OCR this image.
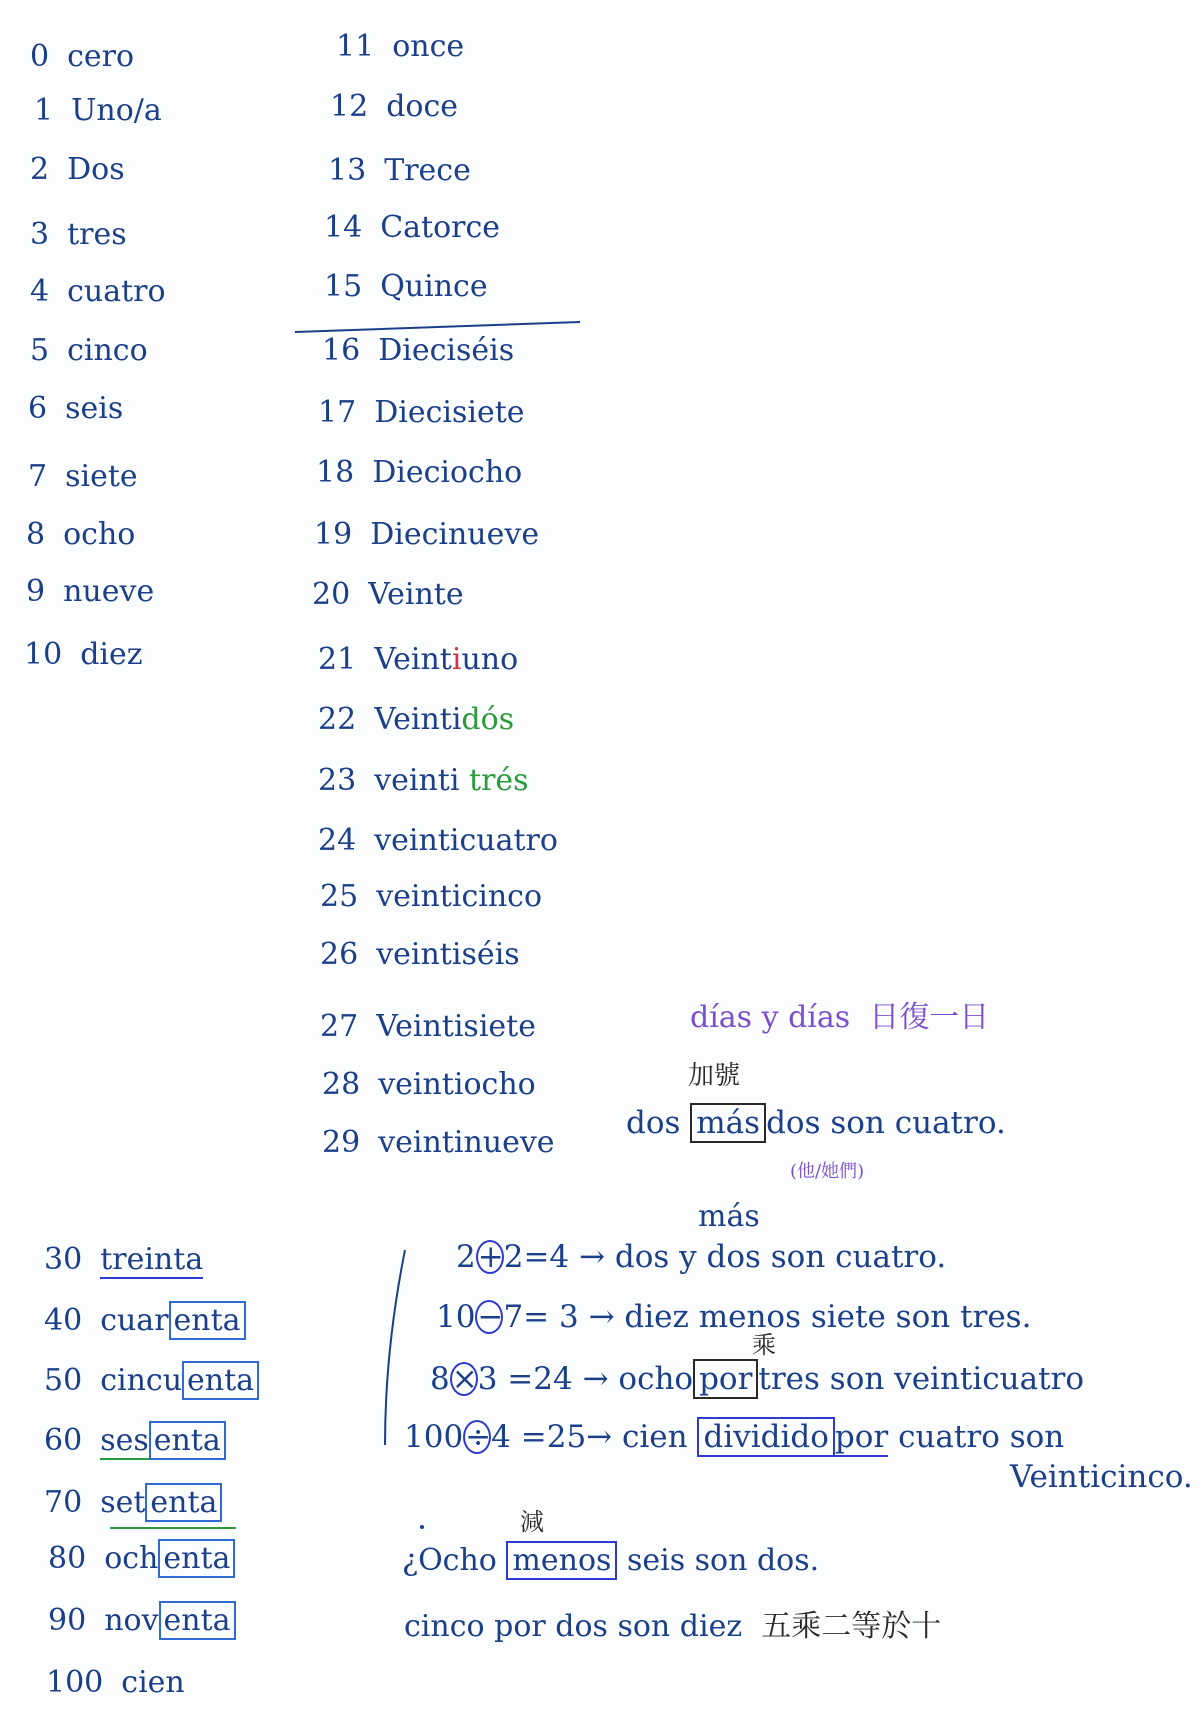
0 cero
1 Uno/a
2 Dos
3 tres
4 cuatro
5 cinco
6 seis
7 siete
8 ocho
9 nueve
10 diez
11 once
12 doce
13 Trece
14 Catorce
15 Quince
16 Dieciséis
17 Diecisiete
18 Dieciocho
19 Diecinueve
20 Veinte
21 Veintiuno
22 Veintidós
23 veinti trés
24 veinticuatro
25 veinticinco
26 veintiséis
27 Veintisiete
28 veintiocho
29 veintinueve
30 treinta
40 cuar enta
50 cincu enta
60 ses enta
70 set enta
80 och enta
90 nov enta
100 cien
días y días 日復一日
加號
dos más dos son cuatro.
(他/她們)
más
2+2=4 → dos y dos son cuatro.
10−7= 3 → diez menos siete son tres.
乘
8×3 =24 → ocho por tres son veinticuatro
100÷4 =25→ cien dividido por cuatro son
Veinticinco.
減
¿Ocho menos seis son dos.
cinco por dos son diez 五乘二等於十
